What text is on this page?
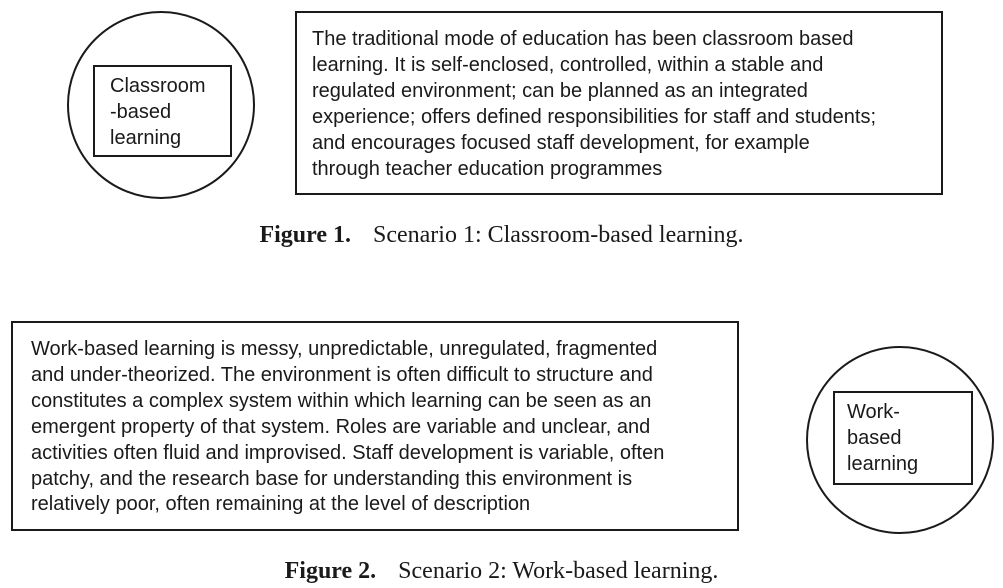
Classroom
-based
learning
The traditional mode of education has been classroom based
learning. It is self-enclosed, controlled, within a stable and
regulated environment; can be planned as an integrated
experience; offers defined responsibilities for staff and students;
and encourages focused staff development, for example
through teacher education programmes
Figure 1. Scenario 1: Classroom-based learning.
Work-based learning is messy, unpredictable, unregulated, fragmented
and under-theorized. The environment is often difficult to structure and
constitutes a complex system within which learning can be seen as an
emergent property of that system. Roles are variable and unclear, and
activities often fluid and improvised. Staff development is variable, often
patchy, and the research base for understanding this environment is
relatively poor, often remaining at the level of description
Work-
based
learning
Figure 2. Scenario 2: Work-based learning.
